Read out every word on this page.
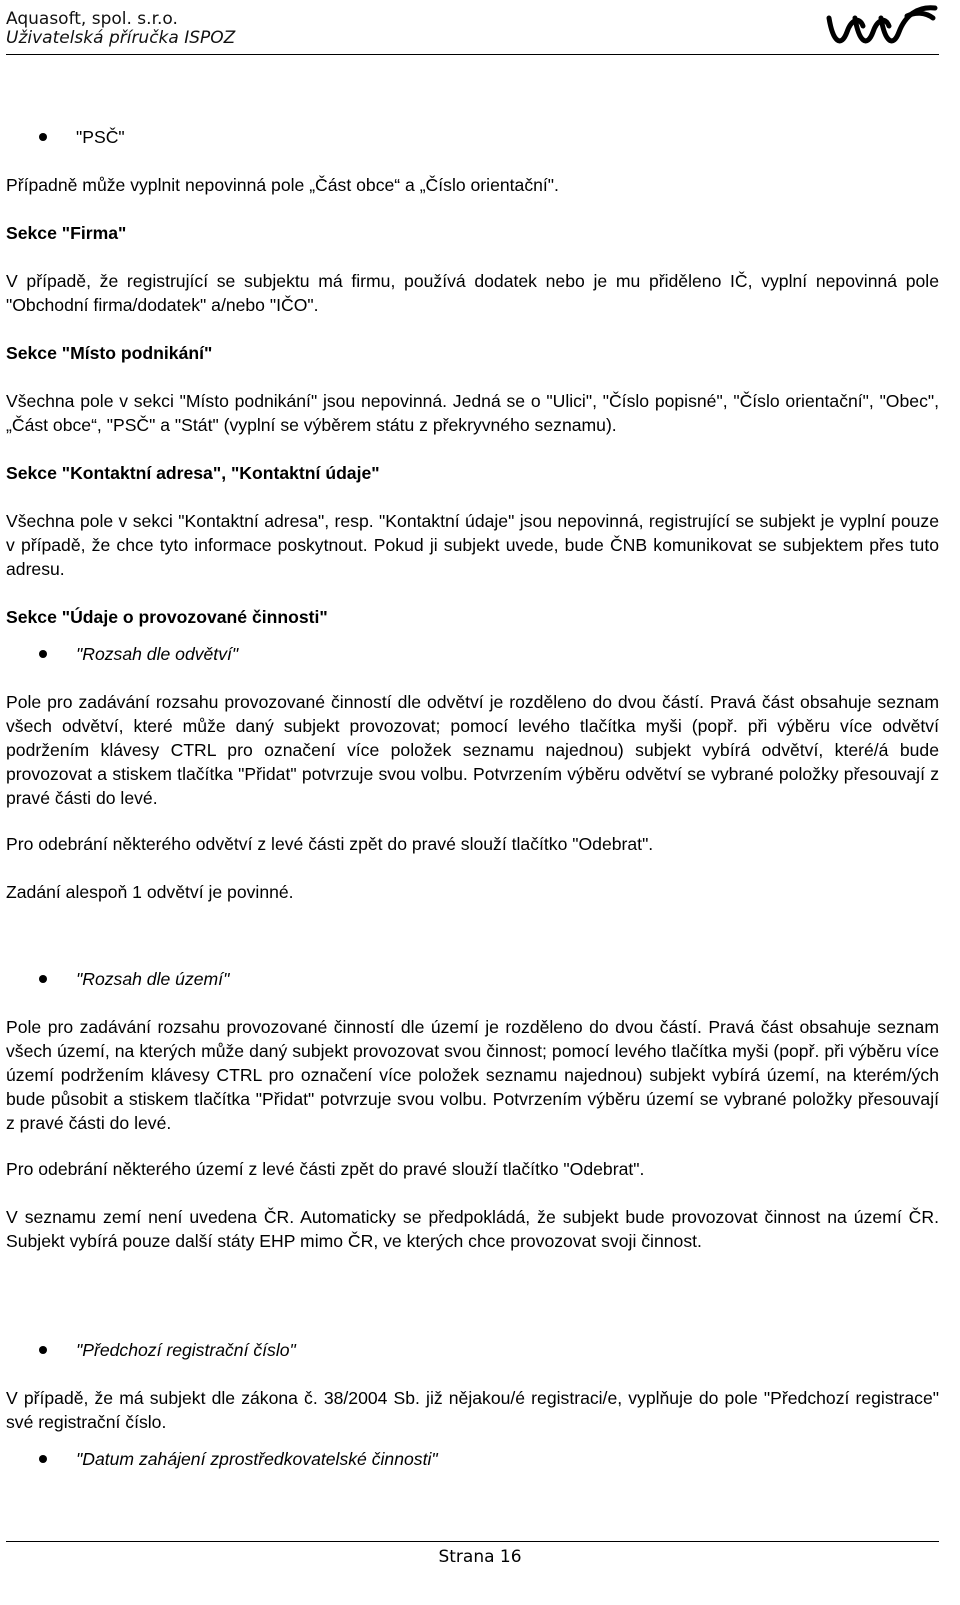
Aquasoft, spol. s.r.o.
Uživatelská příručka ISPOZ
"PSČ"
Případně může vyplnit nepovinná pole „Část obce“ a „Číslo orientační".
Sekce "Firma"
V případě, že registrující se subjektu má firmu, používá dodatek nebo je mu přiděleno IČ, vyplní nepovinná pole "Obchodní firma/dodatek" a/nebo "IČO".
Sekce "Místo podnikání"
Všechna pole v sekci "Místo podnikání" jsou nepovinná. Jedná se o "Ulici", "Číslo popisné", "Číslo orientační", "Obec", „Část obce“, "PSČ" a "Stát" (vyplní se výběrem státu z překryvného seznamu).
Sekce "Kontaktní adresa", "Kontaktní údaje"
Všechna pole v sekci "Kontaktní adresa", resp. "Kontaktní údaje" jsou nepovinná, registrující se subjekt je vyplní pouze v případě, že chce tyto informace poskytnout. Pokud ji subjekt uvede, bude ČNB komunikovat se subjektem přes tuto adresu.
Sekce "Údaje o provozované činnosti"
"Rozsah dle odvětví"
Pole pro zadávání rozsahu provozované činností dle odvětví je rozděleno do dvou částí. Pravá část obsahuje seznam všech odvětví, které může daný subjekt provozovat; pomocí levého tlačítka myši (popř. při výběru více odvětví podržením klávesy CTRL pro označení více položek seznamu najednou) subjekt vybírá odvětví, které/á bude provozovat a stiskem tlačítka "Přidat" potvrzuje svou volbu. Potvrzením výběru odvětví se vybrané položky přesouvají z pravé části do levé.
Pro odebrání některého odvětví z levé části zpět do pravé slouží tlačítko "Odebrat".
Zadání alespoň 1 odvětví je povinné.
"Rozsah dle území"
Pole pro zadávání rozsahu provozované činností dle území je rozděleno do dvou částí. Pravá část obsahuje seznam všech území, na kterých může daný subjekt provozovat svou činnost; pomocí levého tlačítka myši (popř. při výběru více území podržením klávesy CTRL pro označení více položek seznamu najednou) subjekt vybírá území, na kterém/ých bude působit a stiskem tlačítka "Přidat" potvrzuje svou volbu. Potvrzením výběru území se vybrané položky přesouvají z pravé části do levé.
Pro odebrání některého území z levé části zpět do pravé slouží tlačítko "Odebrat".
V seznamu zemí není uvedena ČR. Automaticky se předpokládá, že subjekt bude provozovat činnost na území ČR. Subjekt vybírá pouze další státy EHP mimo ČR, ve kterých chce provozovat svoji činnost.
"Předchozí registrační číslo"
V případě, že má subjekt dle zákona č. 38/2004 Sb. již nějakou/é registraci/e, vyplňuje do pole "Předchozí registrace" své registrační číslo.
"Datum zahájení zprostředkovatelské činnosti"
Strana 16
